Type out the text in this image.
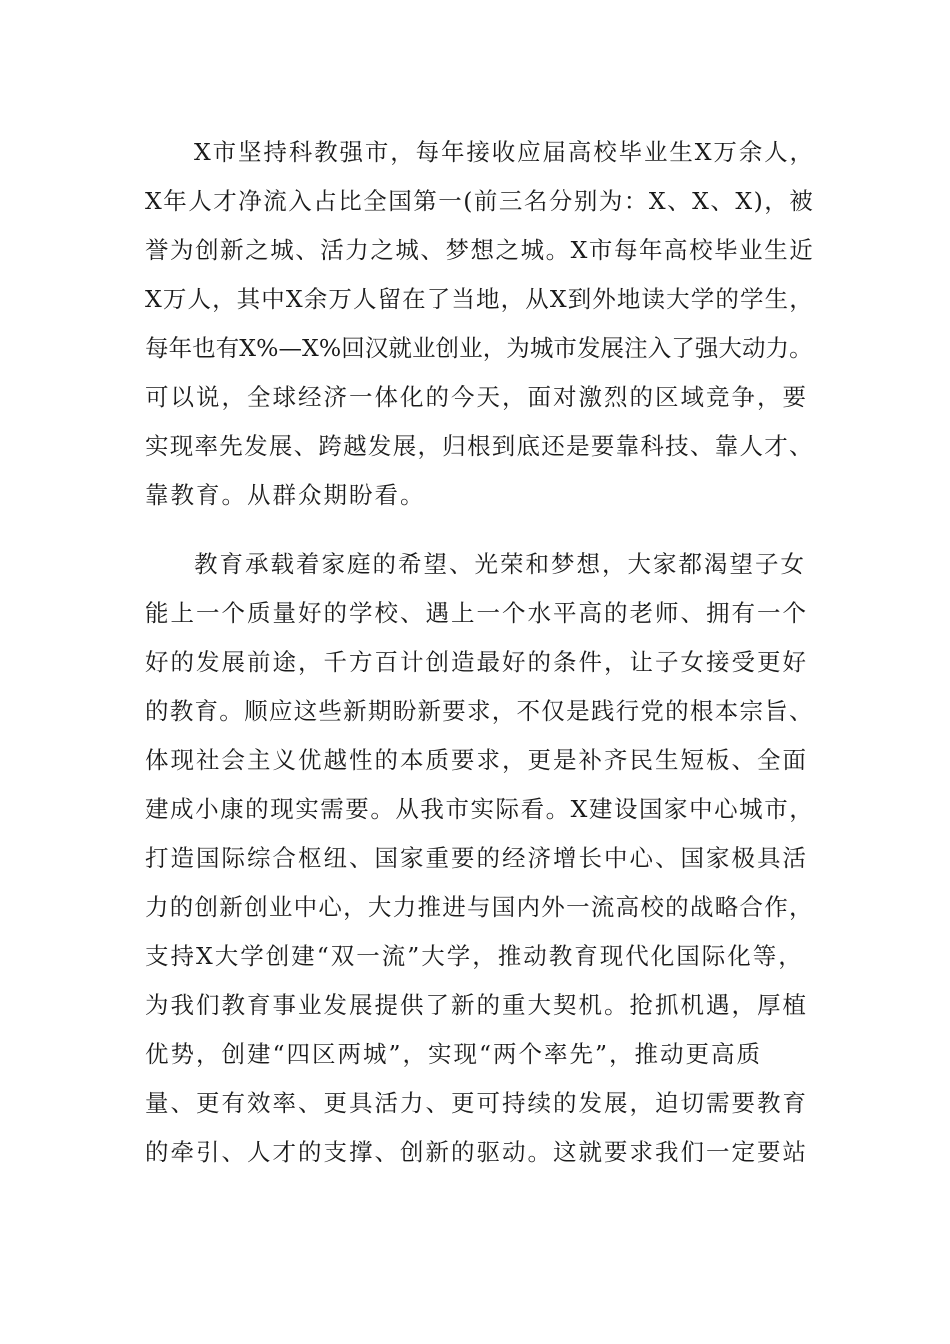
X市坚持科教强市，每年接收应届高校毕业生X万余人，
X年人才净流入占比全国第一(前三名分别为：X、X、X)，被
誉为创新之城、活力之城、梦想之城。X市每年高校毕业生近
X万人，其中X余万人留在了当地，从X到外地读大学的学生，
每年也有X%—X%回汉就业创业，为城市发展注入了强大动力。
可以说，全球经济一体化的今天，面对激烈的区域竞争，要
实现率先发展、跨越发展，归根到底还是要靠科技、靠人才、
靠教育。从群众期盼看。
教育承载着家庭的希望、光荣和梦想，大家都渴望子女
能上一个质量好的学校、遇上一个水平高的老师、拥有一个
好的发展前途，千方百计创造最好的条件，让子女接受更好
的教育。顺应这些新期盼新要求，不仅是践行党的根本宗旨、
体现社会主义优越性的本质要求，更是补齐民生短板、全面
建成小康的现实需要。从我市实际看。X建设国家中心城市，
打造国际综合枢纽、国家重要的经济增长中心、国家极具活
力的创新创业中心，大力推进与国内外一流高校的战略合作，
支持X大学创建“双一流”大学，推动教育现代化国际化等，
为我们教育事业发展提供了新的重大契机。抢抓机遇，厚植
优势，创建“四区两城”，实现“两个率先”，推动更高质
量、更有效率、更具活力、更可持续的发展，迫切需要教育
的牵引、人才的支撑、创新的驱动。这就要求我们一定要站
